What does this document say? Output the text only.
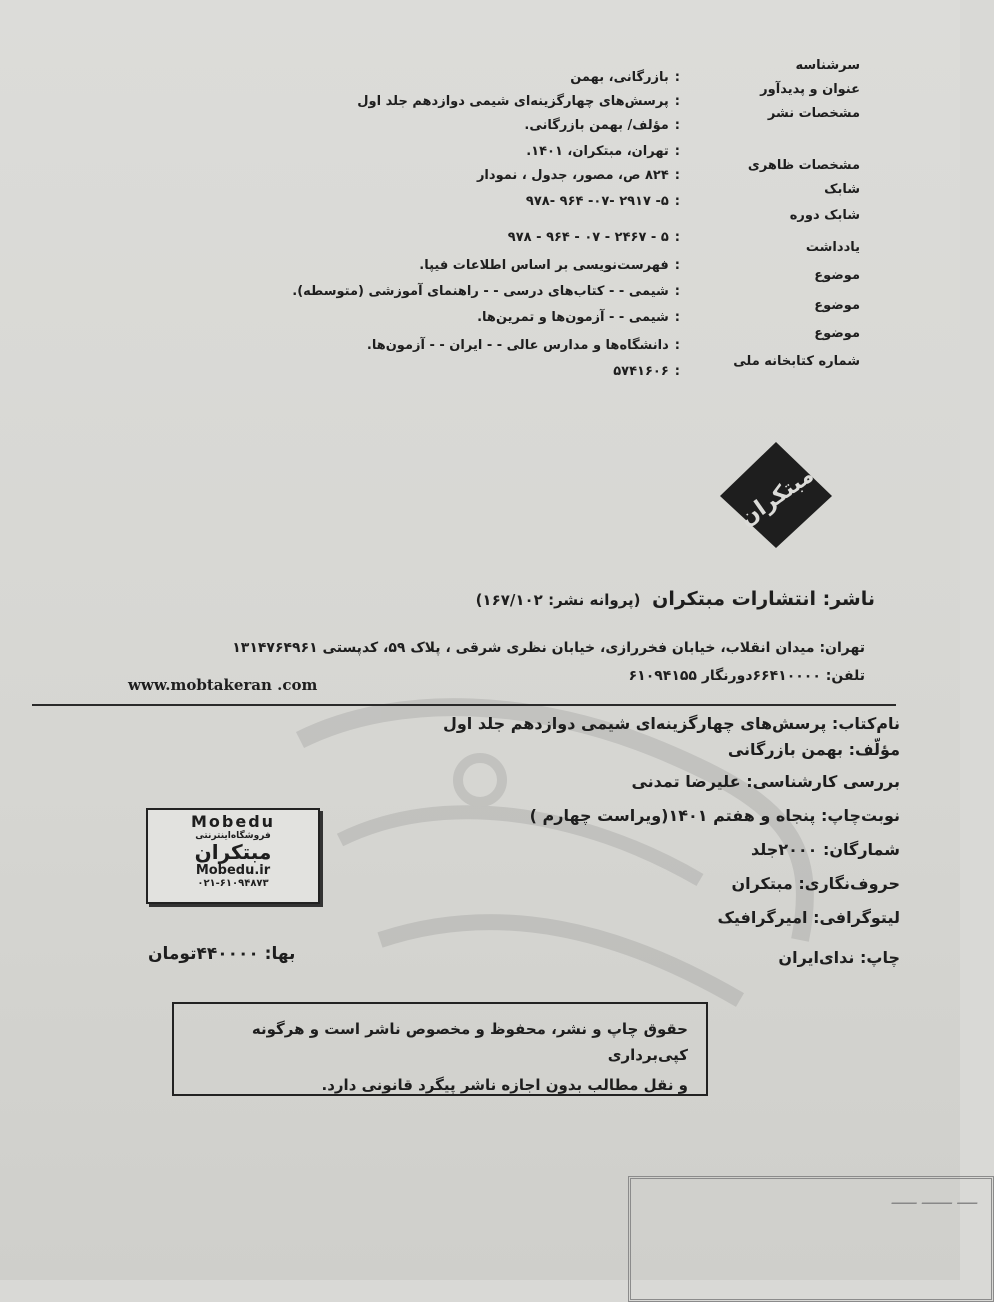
سرشناسه
عنوان و پدیدآور
مشخصات نشر
مشخصات ظاهری
شابک
شابک دوره
یادداشت
موضوع
موضوع
موضوع
شماره کتابخانه ملی
:بازرگانی، بهمن
:پرسش‌های چهارگزینه‌ای شیمی دوازدهم جلد اول
:مؤلف/ بهمن بازرگانی.
:تهران، مبتکران، ۱۴۰۱.
:۸۲۴ ص، مصور، جدول ، نمودار
:۵- ۲۹۱۷ -۰۷- ۹۶۴ -۹۷۸
:۵ - ۲۴۶۷ - ۰۷ - ۹۶۴ - ۹۷۸
:فهرست‌نویسی بر اساس اطلاعات فیپا.
:شیمی - - کتاب‌های درسی - - راهنمای آموزشی (متوسطه).
:شیمی - - آزمون‌ها و تمرین‌ها.
:دانشگاه‌ها و مدارس عالی - - ایران - - آزمون‌ها.
:۵۷۴۱۶۰۶
مبتکران
ناشر: انتشارات مبتکران (پروانه نشر: ۱۶۷/۱۰۲)
تهران: میدان انقلاب، خیابان فخررازی، خیابان نظری شرقی ، پلاک ۵۹، کدپستی ۱۳۱۴۷۶۴۹۶۱
تلفن: ۶۶۴۱۰۰۰۰دورنگار ۶۱۰۹۴۱۵۵
www.mobtakeran .com
نام‌کتاب: پرسش‌های چهارگزینه‌ای شیمی دوازدهم جلد اول
مؤلّف: بهمن بازرگانی
بررسی کارشناسی: علیرضا تمدنی
نوبت‌چاپ: پنجاه و هفتم ۱۴۰۱(ویراست چهارم )
شمارگان: ۲۰۰۰جلد
حروف‌نگاری: مبتکران
لیتوگرافی: امیرگرافیک
چاپ: ندای‌ایران
Mobedu
فروشگاه‌اینترنتی
مبتکران
Mobedu.ir
۰۲۱-۶۱۰۹۴۸۷۳
بها: ۴۴۰۰۰۰تومان

حقوق چاپ و نشر، محفوظ و مخصوص ناشر است و هرگونه کپی‌برداری

و نقل مطالب بدون اجازه ناشر پیگرد قانونی دارد.

ــــ ــــــ ـــــ
